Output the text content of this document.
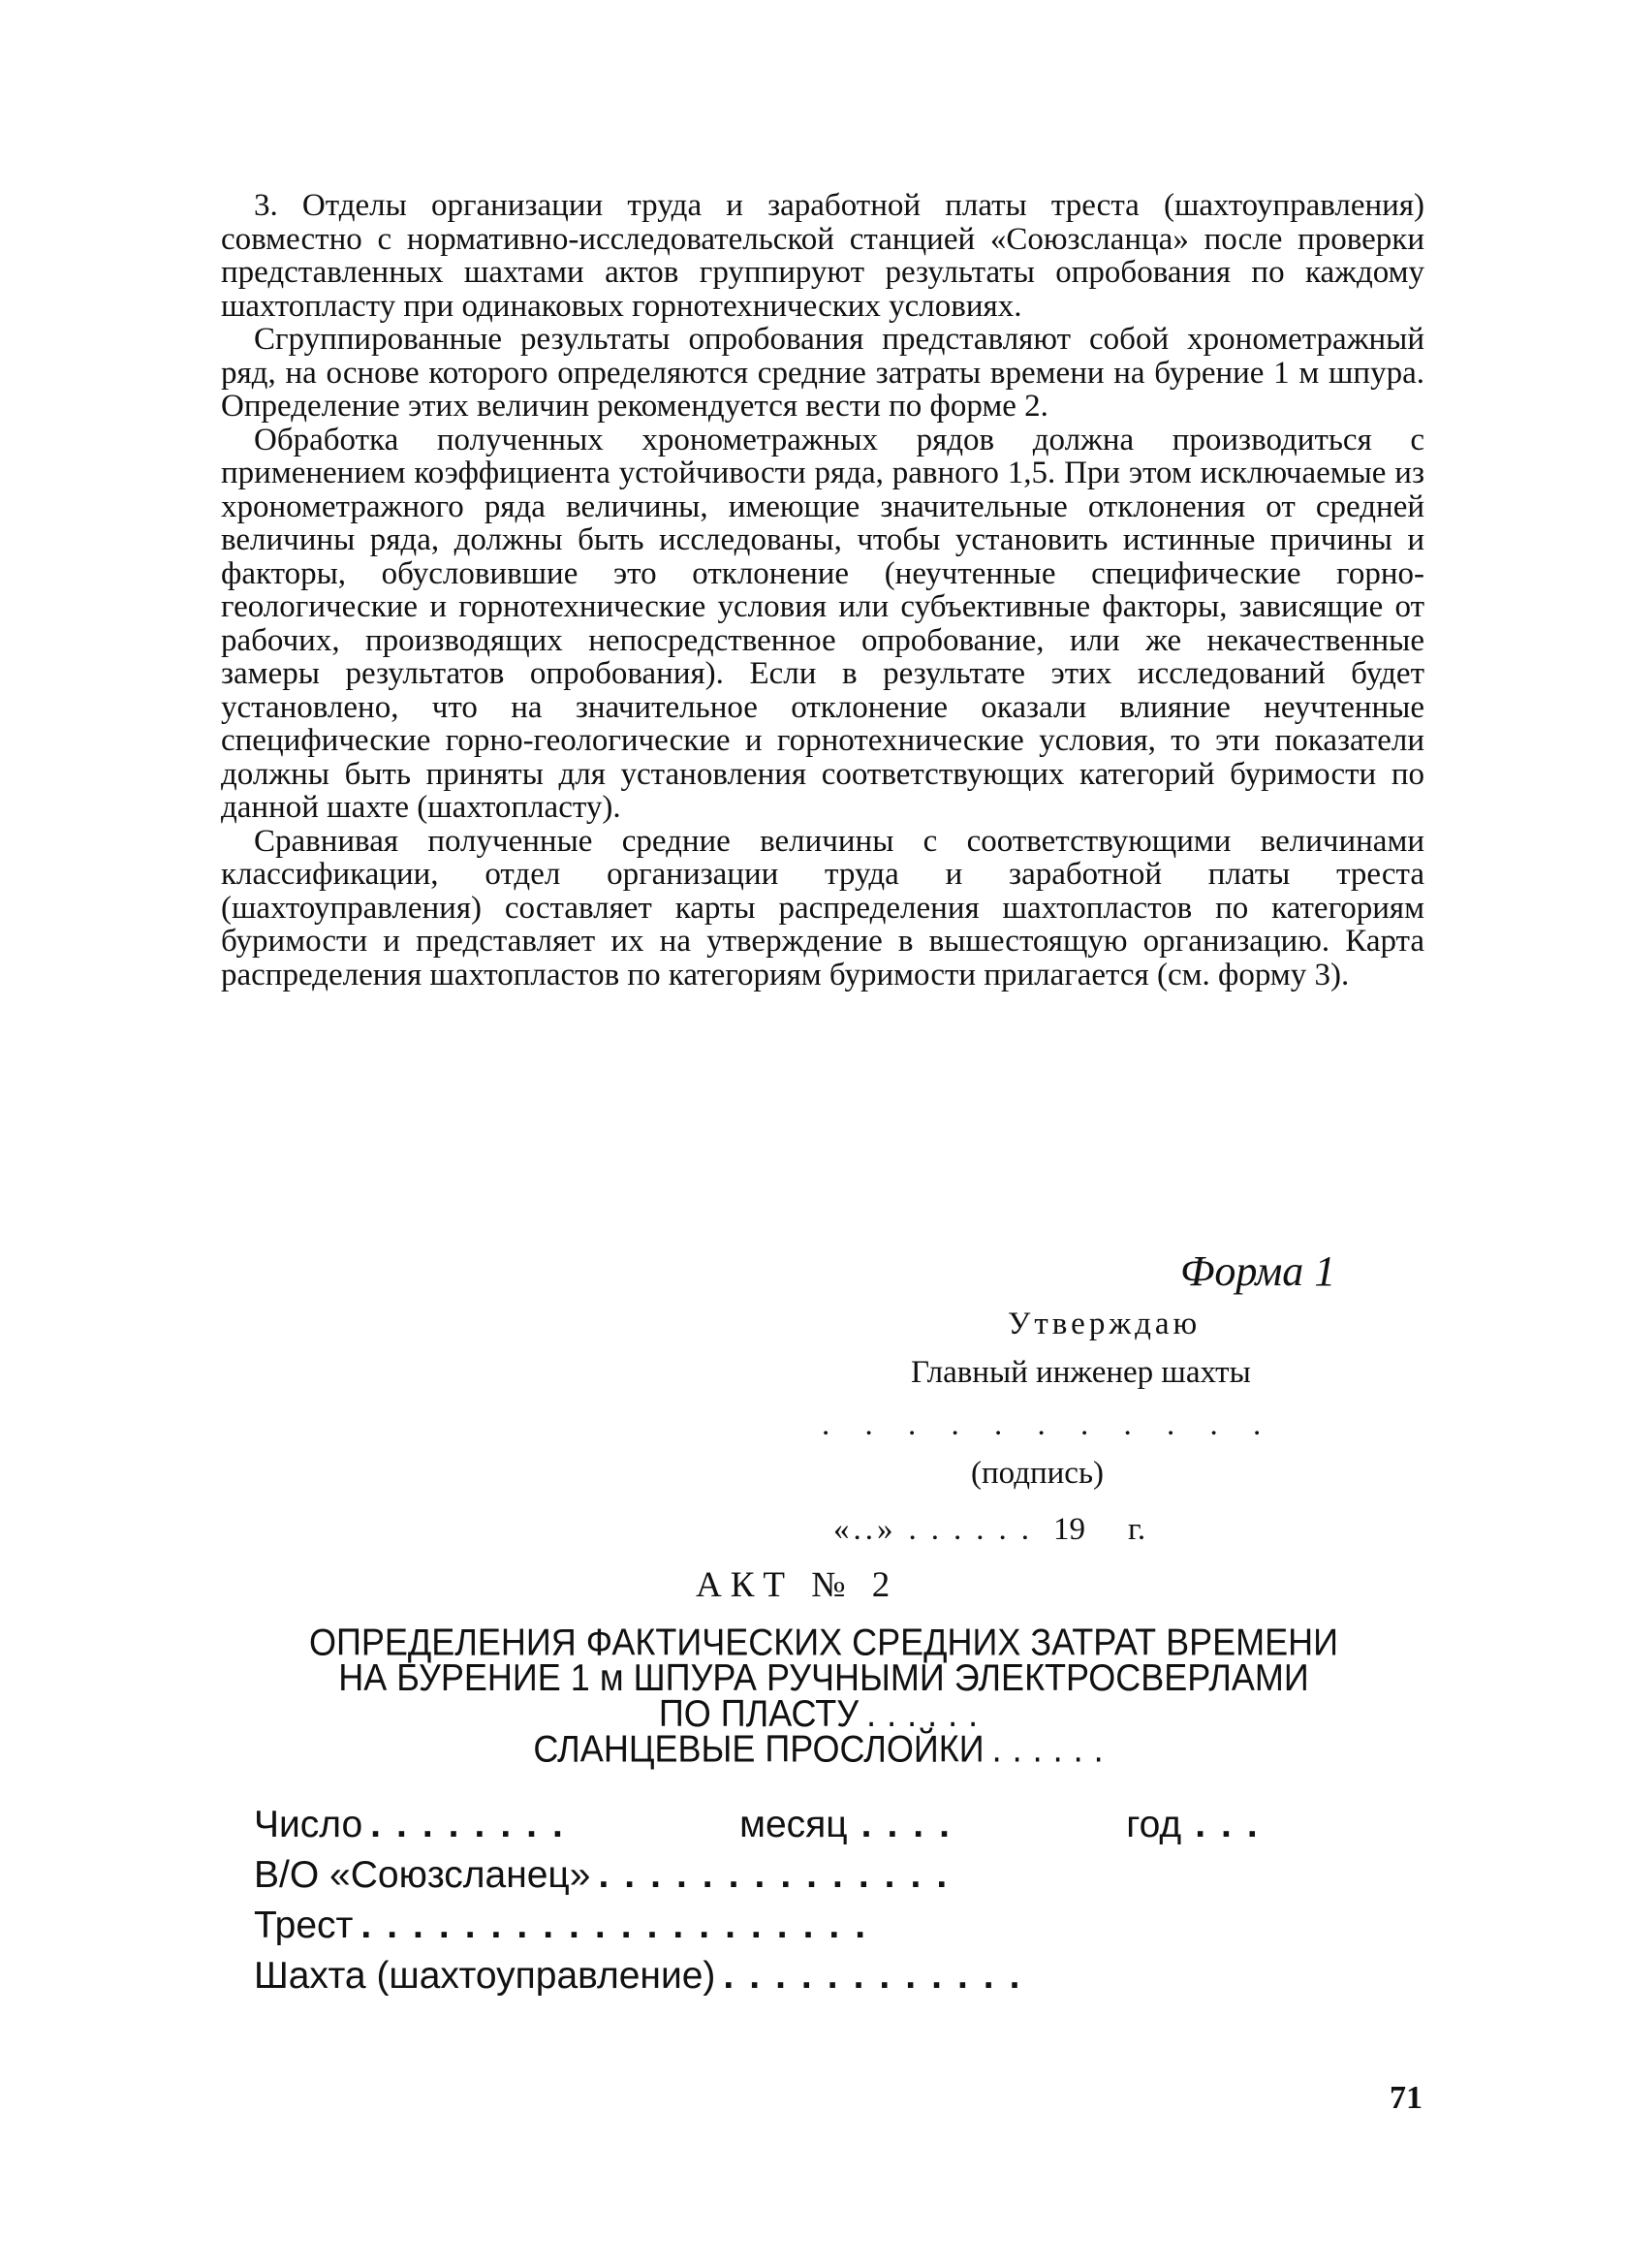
3. Отделы организации труда и заработной платы треста (шахтоуправления) совместно с нормативно-исследовательской станцией «Союзсланца» после проверки представленных шахтами актов группируют результаты опробования по каждому шахтопласту при одинаковых горнотехнических условиях.

Сгруппированные результаты опробования представляют собой хронометражный ряд, на основе которого определяются средние затраты времени на бурение 1 м шпура. Определение этих величин рекомендуется вести по форме 2.

Обработка полученных хронометражных рядов должна производиться с применением коэффициента устойчивости ряда, равного 1,5. При этом исключаемые из хронометражного ряда величины, имеющие значительные отклонения от средней величины ряда, должны быть исследованы, чтобы установить истинные причины и факторы, обусловившие это отклонение (неучтенные специфические горно-геологические и горнотехнические условия или субъективные факторы, зависящие от рабочих, производящих непосредственное опробование, или же некачественные замеры результатов опробования). Если в результате этих исследований будет установлено, что на значительное отклонение оказали влияние неучтенные специфические горно-геологические и горнотехнические условия, то эти показатели должны быть приняты для установления соответствующих категорий буримости по данной шахте (шахтопласту).

Сравнивая полученные средние величины с соответствующими величинами классификации, отдел организации труда и заработной платы треста (шахтоуправления) составляет карты распределения шахтопластов по категориям буримости и представляет их на утверждение в вышестоящую организацию. Карта распределения шахтопластов по категориям буримости прилагается (см. форму 3).

Форма 1
Утверждаю
Главный инженер шахты
. . . . . . . . . . .
(подпись)
«..» ...... 19 г.
АКТ № 2
ОПРЕДЕЛЕНИЯ ФАКТИЧЕСКИХ СРЕДНИХ ЗАТРАТ ВРЕМЕНИ
НА БУРЕНИЕ 1 м ШПУРА РУЧНЫМИ ЭЛЕКТРОСВЕРЛАМИ
ПО ПЛАСТУ ......
СЛАНЦЕВЫЕ ПРОСЛОЙКИ ......
Число ........	месяц ....	год ...
В/О «Союзсланец» ..............
Трест ....................
Шахта (шахтоуправление) ............
71
